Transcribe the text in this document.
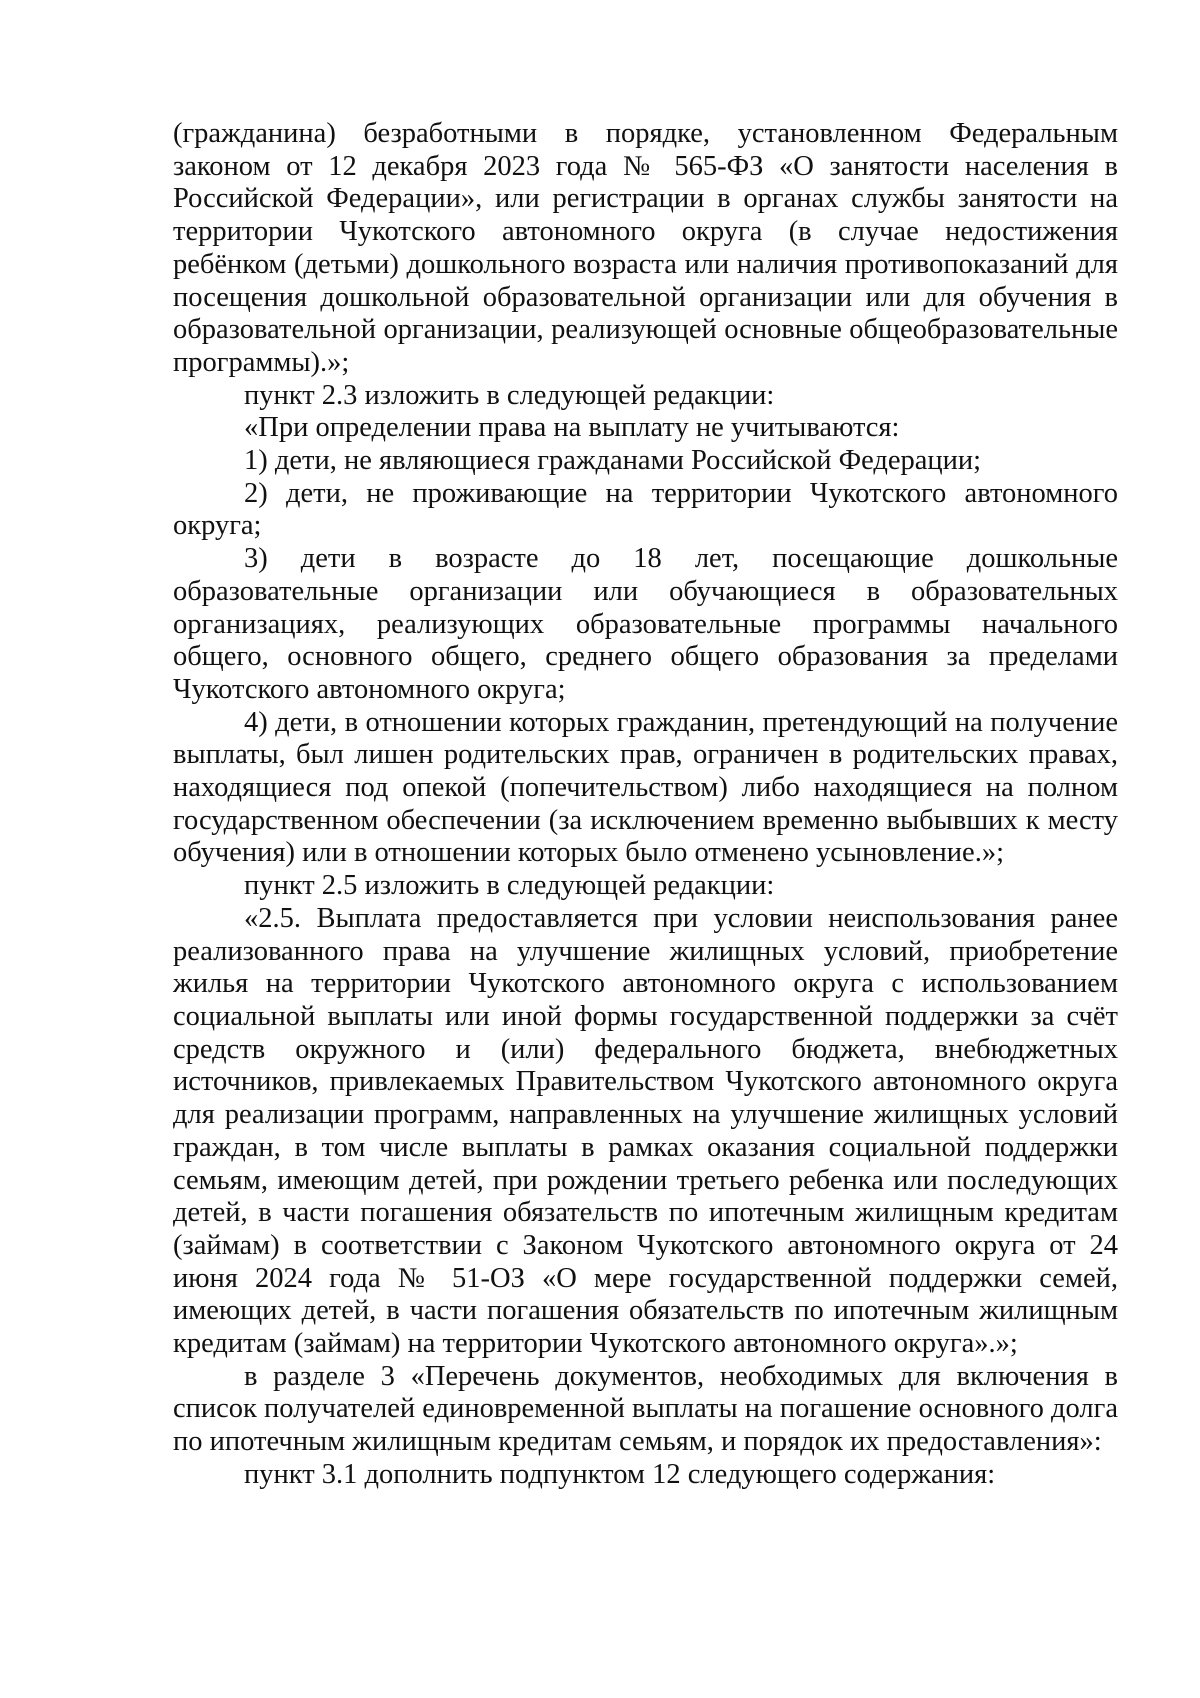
(гражданина) безработными в порядке, установленном Федеральным законом от 12 декабря 2023 года № 565-ФЗ «О занятости населения в Российской Федерации», или регистрации в органах службы занятости на территории Чукотского автономного округа (в случае недостижения ребёнком (детьми) дошкольного возраста или наличия противопоказаний для посещения дошкольной образовательной организации или для обучения в образовательной организации, реализующей основные общеобразовательные программы).»;

пункт 2.3 изложить в следующей редакции:

«При определении права на выплату не учитываются:

1) дети, не являющиеся гражданами Российской Федерации;

2) дети, не проживающие на территории Чукотского автономного округа;

3) дети в возрасте до 18 лет, посещающие дошкольные образовательные организации или обучающиеся в образовательных организациях, реализующих образовательные программы начального общего, основного общего, среднего общего образования за пределами Чукотского автономного округа;

4) дети, в отношении которых гражданин, претендующий на получение выплаты, был лишен родительских прав, ограничен в родительских правах, находящиеся под опекой (попечительством) либо находящиеся на полном государственном обеспечении (за исключением временно выбывших к месту обучения) или в отношении которых было отменено усыновление.»;

пункт 2.5 изложить в следующей редакции:

«2.5. Выплата предоставляется при условии неиспользования ранее реализованного права на улучшение жилищных условий, приобретение жилья на территории Чукотского автономного округа с использованием социальной выплаты или иной формы государственной поддержки за счёт средств окружного и (или) федерального бюджета, внебюджетных источников, привлекаемых Правительством Чукотского автономного округа для реализации программ, направленных на улучшение жилищных условий граждан, в том числе выплаты в рамках оказания социальной поддержки семьям, имеющим детей, при рождении третьего ребенка или последующих детей, в части погашения обязательств по ипотечным жилищным кредитам (займам) в соответствии с Законом Чукотского автономного округа от 24 июня 2024 года № 51-ОЗ «О мере государственной поддержки семей, имеющих детей, в части погашения обязательств по ипотечным жилищным кредитам (займам) на территории Чукотского автономного округа».»;

в разделе 3 «Перечень документов, необходимых для включения в список получателей единовременной выплаты на погашение основного долга по ипотечным жилищным кредитам семьям, и порядок их предоставления»:

пункт 3.1 дополнить подпунктом 12 следующего содержания:
